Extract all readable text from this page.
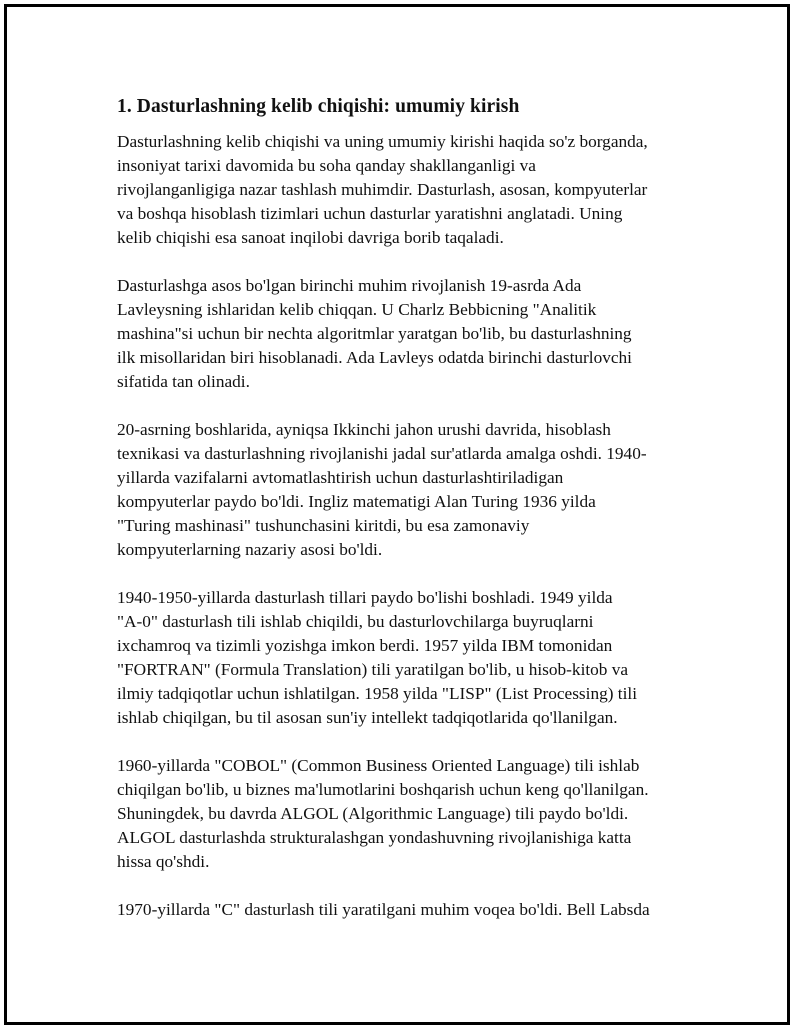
1. Dasturlashning kelib chiqishi: umumiy kirish

Dasturlashning kelib chiqishi va uning umumiy kirishi haqida so'z borganda,
insoniyat tarixi davomida bu soha qanday shakllanganligi va
rivojlanganligiga nazar tashlash muhimdir. Dasturlash, asosan, kompyuterlar
va boshqa hisoblash tizimlari uchun dasturlar yaratishni anglatadi. Uning
kelib chiqishi esa sanoat inqilobi davriga borib taqaladi.

Dasturlashga asos bo'lgan birinchi muhim rivojlanish 19-asrda Ada
Lavleysning ishlaridan kelib chiqqan. U Charlz Bebbicning "Analitik
mashina"si uchun bir nechta algoritmlar yaratgan bo'lib, bu dasturlashning
ilk misollaridan biri hisoblanadi. Ada Lavleys odatda birinchi dasturlovchi
sifatida tan olinadi.

20-asrning boshlarida, ayniqsa Ikkinchi jahon urushi davrida, hisoblash
texnikasi va dasturlashning rivojlanishi jadal sur'atlarda amalga oshdi. 1940-
yillarda vazifalarni avtomatlashtirish uchun dasturlashtiriladigan
kompyuterlar paydo bo'ldi. Ingliz matematigi Alan Turing 1936 yilda
"Turing mashinasi" tushunchasini kiritdi, bu esa zamonaviy
kompyuterlarning nazariy asosi bo'ldi.

1940-1950-yillarda dasturlash tillari paydo bo'lishi boshladi. 1949 yilda
"A-0" dasturlash tili ishlab chiqildi, bu dasturlovchilarga buyruqlarni
ixchamroq va tizimli yozishga imkon berdi. 1957 yilda IBM tomonidan
"FORTRAN" (Formula Translation) tili yaratilgan bo'lib, u hisob-kitob va
ilmiy tadqiqotlar uchun ishlatilgan. 1958 yilda "LISP" (List Processing) tili
ishlab chiqilgan, bu til asosan sun'iy intellekt tadqiqotlarida qo'llanilgan.

1960-yillarda "COBOL" (Common Business Oriented Language) tili ishlab
chiqilgan bo'lib, u biznes ma'lumotlarini boshqarish uchun keng qo'llanilgan.
Shuningdek, bu davrda ALGOL (Algorithmic Language) tili paydo bo'ldi.
ALGOL dasturlashda strukturalashgan yondashuvning rivojlanishiga katta
hissa qo'shdi.

1970-yillarda "C" dasturlash tili yaratilgani muhim voqea bo'ldi. Bell Labsda
